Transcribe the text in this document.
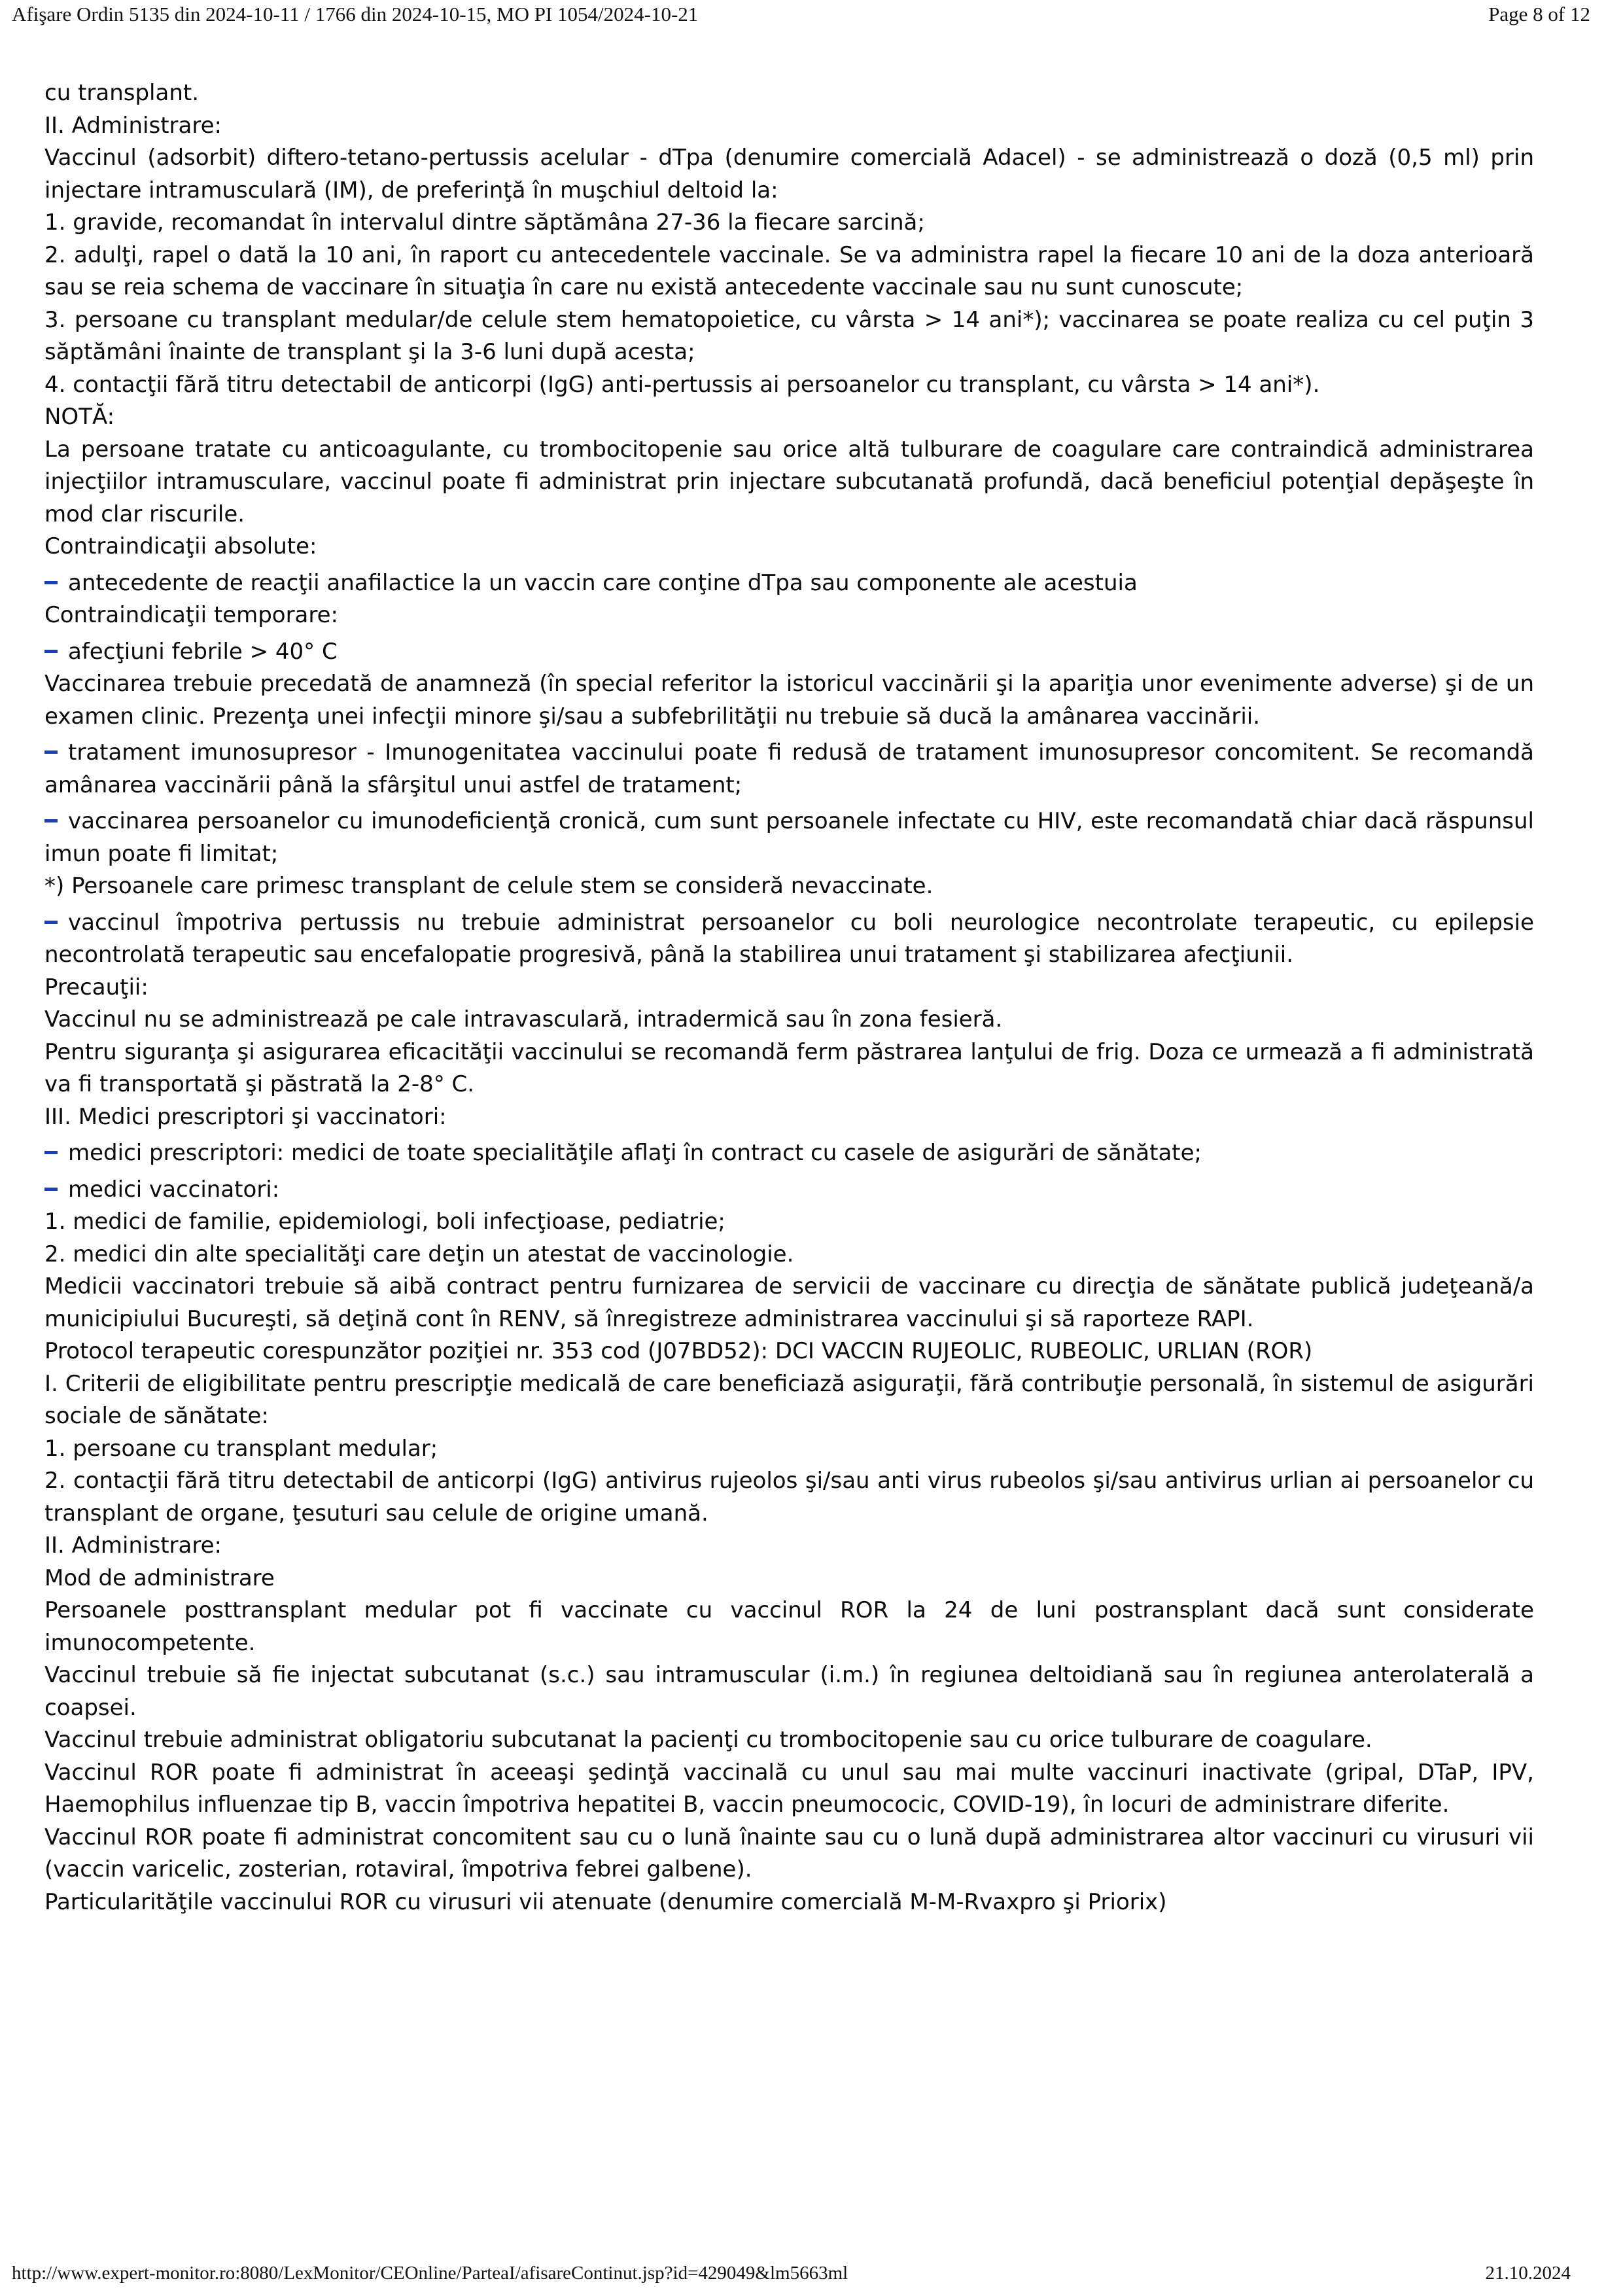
Afişare Ordin 5135 din 2024-10-11 / 1766 din 2024-10-15, MO PI 1054/2024-10-21	Page 8 of 12

cu transplant.

II. Administrare:

Vaccinul (adsorbit) diftero-tetano-pertussis acelular - dTpa (denumire comercială Adacel) - se administrează o doză (0,5 ml) prin injectare intramusculară (IM), de preferinţă în muşchiul deltoid la:

1. gravide, recomandat în intervalul dintre săptămâna 27-36 la fiecare sarcină;

2. adulţi, rapel o dată la 10 ani, în raport cu antecedentele vaccinale. Se va administra rapel la fiecare 10 ani de la doza anterioară sau se reia schema de vaccinare în situaţia în care nu există antecedente vaccinale sau nu sunt cunoscute;

3. persoane cu transplant medular/de celule stem hematopoietice, cu vârsta > 14 ani*); vaccinarea se poate realiza cu cel puţin 3 săptămâni înainte de transplant şi la 3-6 luni după acesta;

4. contacţii fără titru detectabil de anticorpi (IgG) anti-pertussis ai persoanelor cu transplant, cu vârsta > 14 ani*).

NOTĂ:

La persoane tratate cu anticoagulante, cu trombocitopenie sau orice altă tulburare de coagulare care contraindică administrarea injecţiilor intramusculare, vaccinul poate fi administrat prin injectare subcutanată profundă, dacă beneficiul potenţial depăşeşte în mod clar riscurile.

Contraindicaţii absolute:

antecedente de reacţii anafilactice la un vaccin care conţine dTpa sau componente ale acestuia

Contraindicaţii temporare:

afecţiuni febrile > 40° C

Vaccinarea trebuie precedată de anamneză (în special referitor la istoricul vaccinării şi la apariţia unor evenimente adverse) şi de un examen clinic. Prezenţa unei infecţii minore şi/sau a subfebrilităţii nu trebuie să ducă la amânarea vaccinării.

tratament imunosupresor - Imunogenitatea vaccinului poate fi redusă de tratament imunosupresor concomitent. Se recomandă amânarea vaccinării până la sfârşitul unui astfel de tratament;

vaccinarea persoanelor cu imunodeficienţă cronică, cum sunt persoanele infectate cu HIV, este recomandată chiar dacă răspunsul imun poate fi limitat;

*) Persoanele care primesc transplant de celule stem se consideră nevaccinate.

vaccinul împotriva pertussis nu trebuie administrat persoanelor cu boli neurologice necontrolate terapeutic, cu epilepsie necontrolată terapeutic sau encefalopatie progresivă, până la stabilirea unui tratament şi stabilizarea afecţiunii.

Precauţii:

Vaccinul nu se administrează pe cale intravasculară, intradermică sau în zona fesieră.

Pentru siguranţa şi asigurarea eficacităţii vaccinului se recomandă ferm păstrarea lanţului de frig. Doza ce urmează a fi administrată va fi transportată şi păstrată la 2-8° C.

III. Medici prescriptori şi vaccinatori:

medici prescriptori: medici de toate specialităţile aflaţi în contract cu casele de asigurări de sănătate;

medici vaccinatori:

1. medici de familie, epidemiologi, boli infecţioase, pediatrie;

2. medici din alte specialităţi care deţin un atestat de vaccinologie.

Medicii vaccinatori trebuie să aibă contract pentru furnizarea de servicii de vaccinare cu direcţia de sănătate publică judeţeană/a municipiului Bucureşti, să deţină cont în RENV, să înregistreze administrarea vaccinului şi să raporteze RAPI.

Protocol terapeutic corespunzător poziţiei nr. 353 cod (J07BD52): DCI VACCIN RUJEOLIC, RUBEOLIC, URLIAN (ROR)

I. Criterii de eligibilitate pentru prescripţie medicală de care beneficiază asiguraţii, fără contribuţie personală, în sistemul de asigurări sociale de sănătate:

1. persoane cu transplant medular;

2. contacţii fără titru detectabil de anticorpi (IgG) antivirus rujeolos şi/sau anti virus rubeolos şi/sau antivirus urlian ai persoanelor cu transplant de organe, ţesuturi sau celule de origine umană.

II. Administrare:

Mod de administrare

Persoanele posttransplant medular pot fi vaccinate cu vaccinul ROR la 24 de luni postransplant dacă sunt considerate imunocompetente.

Vaccinul trebuie să fie injectat subcutanat (s.c.) sau intramuscular (i.m.) în regiunea deltoidiană sau în regiunea anterolaterală a coapsei.

Vaccinul trebuie administrat obligatoriu subcutanat la pacienţi cu trombocitopenie sau cu orice tulburare de coagulare.

Vaccinul ROR poate fi administrat în aceeaşi şedinţă vaccinală cu unul sau mai multe vaccinuri inactivate (gripal, DTaP, IPV, Haemophilus influenzae tip B, vaccin împotriva hepatitei B, vaccin pneumococic, COVID-19), în locuri de administrare diferite.

Vaccinul ROR poate fi administrat concomitent sau cu o lună înainte sau cu o lună după administrarea altor vaccinuri cu virusuri vii (vaccin varicelic, zosterian, rotaviral, împotriva febrei galbene).

Particularităţile vaccinului ROR cu virusuri vii atenuate (denumire comercială M-M-Rvaxpro şi Priorix)

http://www.expert-monitor.ro:8080/LexMonitor/CEOnline/ParteaI/afisareContinut.jsp?id=429049&lm5663ml	21.10.2024
